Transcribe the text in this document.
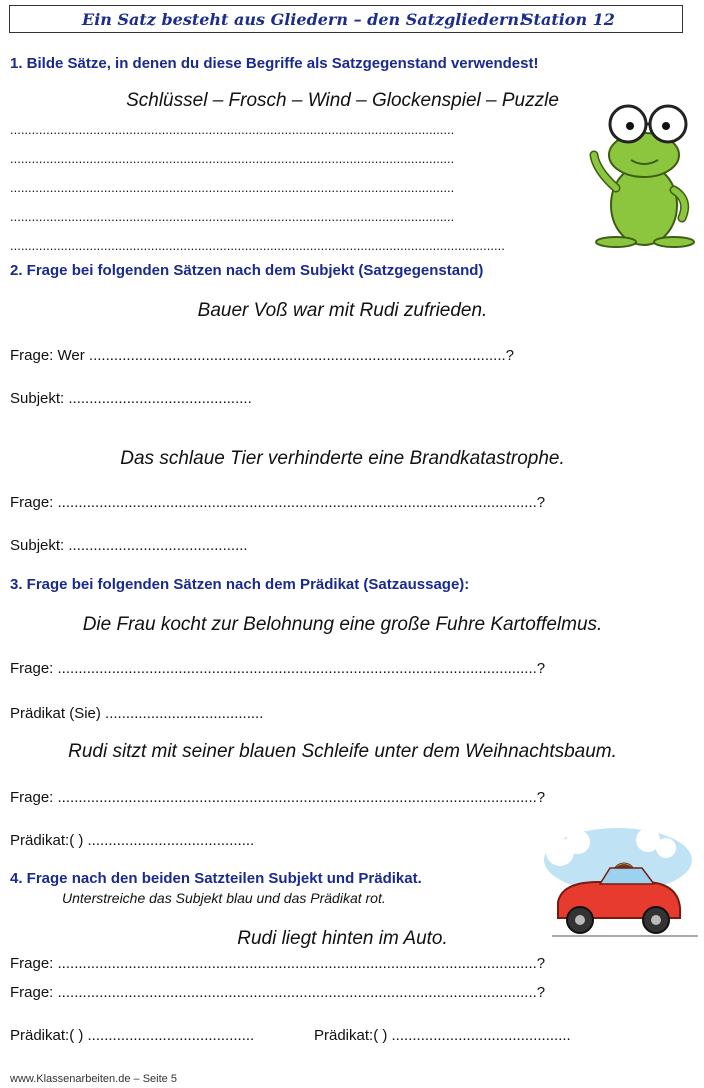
Ein Satz besteht aus Gliedern – den Satzgliedern!
Station 12
1. Bilde Sätze, in denen du diese Begriffe als Satzgegenstand verwendest!
Schlüssel – Frosch – Wind – Glockenspiel – Puzzle
...........................................................................................................................
...........................................................................................................................
...........................................................................................................................
...........................................................................................................................
.........................................................................................................................................
2. Frage bei folgenden Sätzen nach dem Subjekt (Satzgegenstand)
Bauer Voß war mit Rudi zufrieden.
Frage: Wer ....................................................................................................?
Subjekt: ............................................
Das schlaue Tier verhinderte eine Brandkatastrophe.
Frage: ...................................................................................................................?
Subjekt: ...........................................
3. Frage bei folgenden Sätzen nach dem Prädikat (Satzaussage):
Die Frau kocht zur Belohnung eine große Fuhre Kartoffelmus.
Frage: ...................................................................................................................?
Prädikat (Sie) ......................................
Rudi sitzt mit seiner blauen Schleife unter dem Weihnachtsbaum.
Frage: ...................................................................................................................?
Prädikat:( ) ........................................
4. Frage nach den beiden Satzteilen Subjekt und Prädikat.
Unterstreiche das Subjekt blau und das Prädikat rot.
Rudi liegt hinten im Auto.
Frage: ...................................................................................................................?
Frage: ...................................................................................................................?
Prädikat:( ) ........................................	Prädikat:( ) ...........................................
www.Klassenarbeiten.de – Seite 5
